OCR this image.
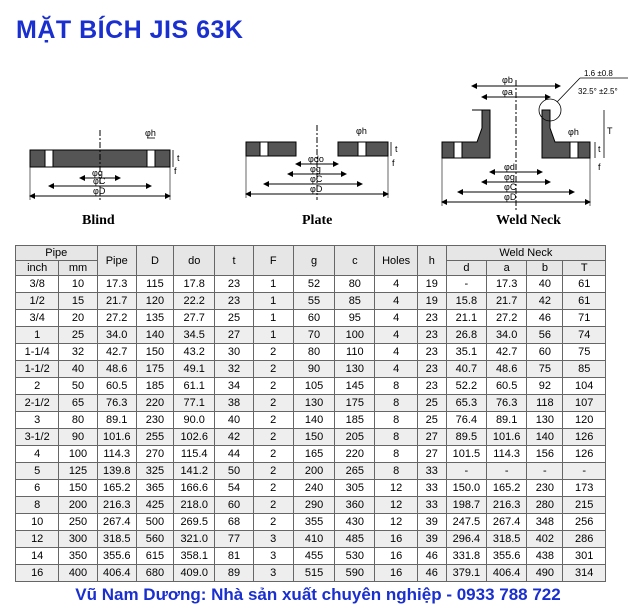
MẶT BÍCH JIS 63K
φh
φg
φC
φD
t
f
φh
φdo
φg
φC
φD
t
f
1.6 ±0.8
32.5° ±2.5°
φb
φa
φh
φd
φg
φC
φD
T
t
f
Blind	Plate	Weld Neck
Pipe		Pipe	D	do	t	F	g	c	Holes	h	Weld Neck			
inch	mm										d	a	b	T
3/8	10	17.3	115	17.8	23	1	52	80	4	19	-	17.3	40	61
1/2	15	21.7	120	22.2	23	1	55	85	4	19	15.8	21.7	42	61
3/4	20	27.2	135	27.7	25	1	60	95	4	23	21.1	27.2	46	71
1	25	34.0	140	34.5	27	1	70	100	4	23	26.8	34.0	56	74
1-1/4	32	42.7	150	43.2	30	2	80	110	4	23	35.1	42.7	60	75
1-1/2	40	48.6	175	49.1	32	2	90	130	4	23	40.7	48.6	75	85
2	50	60.5	185	61.1	34	2	105	145	8	23	52.2	60.5	92	104
2-1/2	65	76.3	220	77.1	38	2	130	175	8	25	65.3	76.3	118	107
3	80	89.1	230	90.0	40	2	140	185	8	25	76.4	89.1	130	120
3-1/2	90	101.6	255	102.6	42	2	150	205	8	27	89.5	101.6	140	126
4	100	114.3	270	115.4	44	2	165	220	8	27	101.5	114.3	156	126
5	125	139.8	325	141.2	50	2	200	265	8	33	-	-	-	-
6	150	165.2	365	166.6	54	2	240	305	12	33	150.0	165.2	230	173
8	200	216.3	425	218.0	60	2	290	360	12	33	198.7	216.3	280	215
10	250	267.4	500	269.5	68	2	355	430	12	39	247.5	267.4	348	256
12	300	318.5	560	321.0	77	3	410	485	16	39	296.4	318.5	402	286
14	350	355.6	615	358.1	81	3	455	530	16	46	331.8	355.6	438	301
16	400	406.4	680	409.0	89	3	515	590	16	46	379.1	406.4	490	314

Vũ Nam Dương: Nhà sản xuất chuyên nghiệp - 0933 788 722
